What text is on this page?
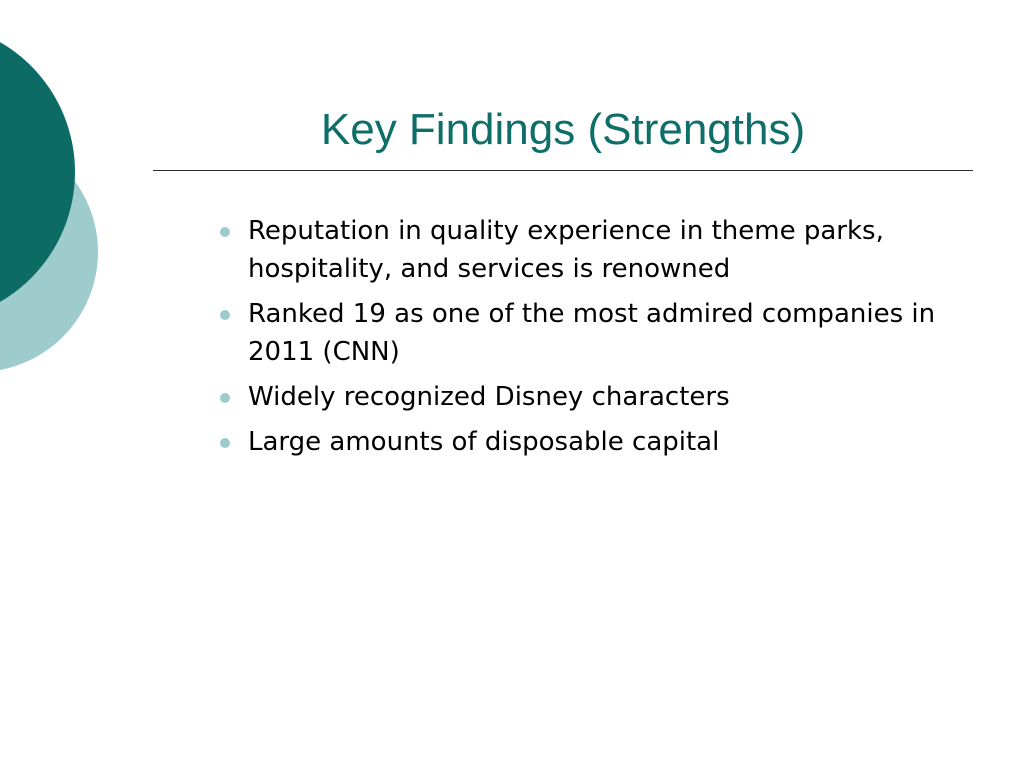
Key Findings (Strengths)
Reputation in quality experience in theme parks, hospitality, and services is renowned
Ranked 19 as one of the most admired companies in 2011 (CNN)
Widely recognized Disney characters
Large amounts of disposable capital
